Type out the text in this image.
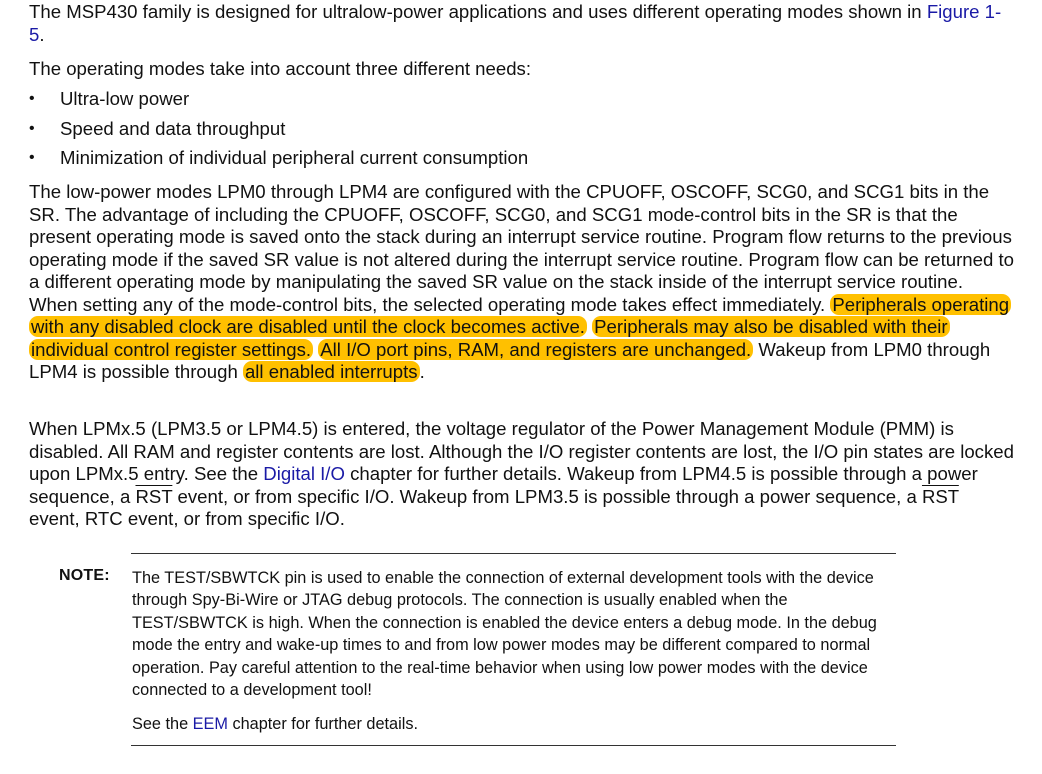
The MSP430 family is designed for ultralow-power applications and uses different operating modes shown in Figure 1-5.

The operating modes take into account three different needs:

• Ultra-low power
• Speed and data throughput
• Minimization of individual peripheral current consumption

The low-power modes LPM0 through LPM4 are configured with the CPUOFF, OSCOFF, SCG0, and SCG1 bits in the SR. The advantage of including the CPUOFF, OSCOFF, SCG0, and SCG1 mode-control bits in the SR is that the present operating mode is saved onto the stack during an interrupt service routine. Program flow returns to the previous operating mode if the saved SR value is not altered during the interrupt service routine. Program flow can be returned to a different operating mode by manipulating the saved SR value on the stack inside of the interrupt service routine. When setting any of the mode-control bits, the selected operating mode takes effect immediately. Peripherals operating with any disabled clock are disabled until the clock becomes active. Peripherals may also be disabled with their individual control register settings. All I/O port pins, RAM, and registers are unchanged. Wakeup from LPM0 through LPM4 is possible through all enabled interrupts .

When LPMx.5 (LPM3.5 or LPM4.5) is entered, the voltage regulator of the Power Management Module (PMM) is disabled. All RAM and register contents are lost. Although the I/O register contents are lost, the I/O pin states are locked upon LPMx.5 entry. See the Digital I/O chapter for further details. Wakeup from LPM4.5 is possible through a power sequence, a $\overline{RST}$ event, or from specific I/O. Wakeup from LPM3.5 is possible through a power sequence, a $\overline{RST}$ event, RTC event, or from specific I/O.

NOTE: The TEST/SBWTCK pin is used to enable the connection of external development tools with the device through Spy-Bi-Wire or JTAG debug protocols. The connection is usually enabled when the TEST/SBWTCK is high. When the connection is enabled the device enters a debug mode. In the debug mode the entry and wake-up times to and from low power modes may be different compared to normal operation. Pay careful attention to the real-time behavior when using low power modes with the device connected to a development tool!

See the EEM chapter for further details.
